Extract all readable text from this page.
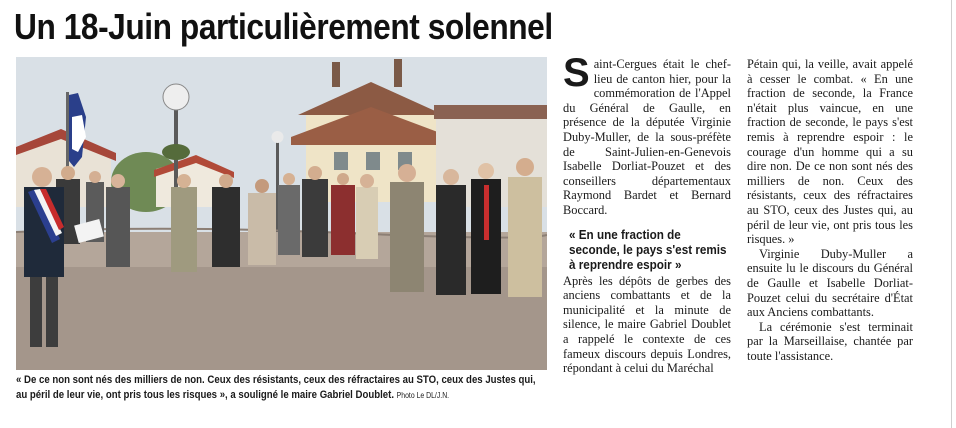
Un 18-Juin particulièrement solennel
« De ce non sont nés des milliers de non. Ceux des résistants, ceux des réfractaires au STO, ceux des Justes qui, au péril de leur vie, ont pris tous les risques », a souligné le maire Gabriel Doublet. Photo Le DL/J.N.
S aint-Cergues était le chef-lieu de canton hier, pour la commémoration de l'Appel du Général de Gaulle, en présence de la députée Virginie Duby-Muller, de la sous-préfète de Saint-Julien-en-Genevois Isabelle Dorliat-Pouzet et des conseillers départementaux Raymond Bardet et Bernard Boccard.

« En une fraction de seconde, le pays s'est remis à reprendre espoir »

Après les dépôts de gerbes des anciens combattants et de la municipalité et la minute de silence, le maire Gabriel Doublet a rappelé le contexte de ces fameux discours depuis Londres, répondant à celui du Maréchal

Pétain qui, la veille, avait appelé à cesser le combat. « En une fraction de seconde, la France n'était plus vaincue, en une fraction de seconde, le pays s'est remis à reprendre espoir : le courage d'un homme qui a su dire non. De ce non sont nés des milliers de non. Ceux des résistants, ceux des réfractaires au STO, ceux des Justes qui, au péril de leur vie, ont pris tous les risques. »

Virginie Duby-Muller a ensuite lu le discours du Général de Gaulle et Isabelle Dorliat-Pouzet celui du secrétaire d'État aux Anciens combattants.

La cérémonie s'est terminait par la Marseillaise, chantée par toute l'assistance.
